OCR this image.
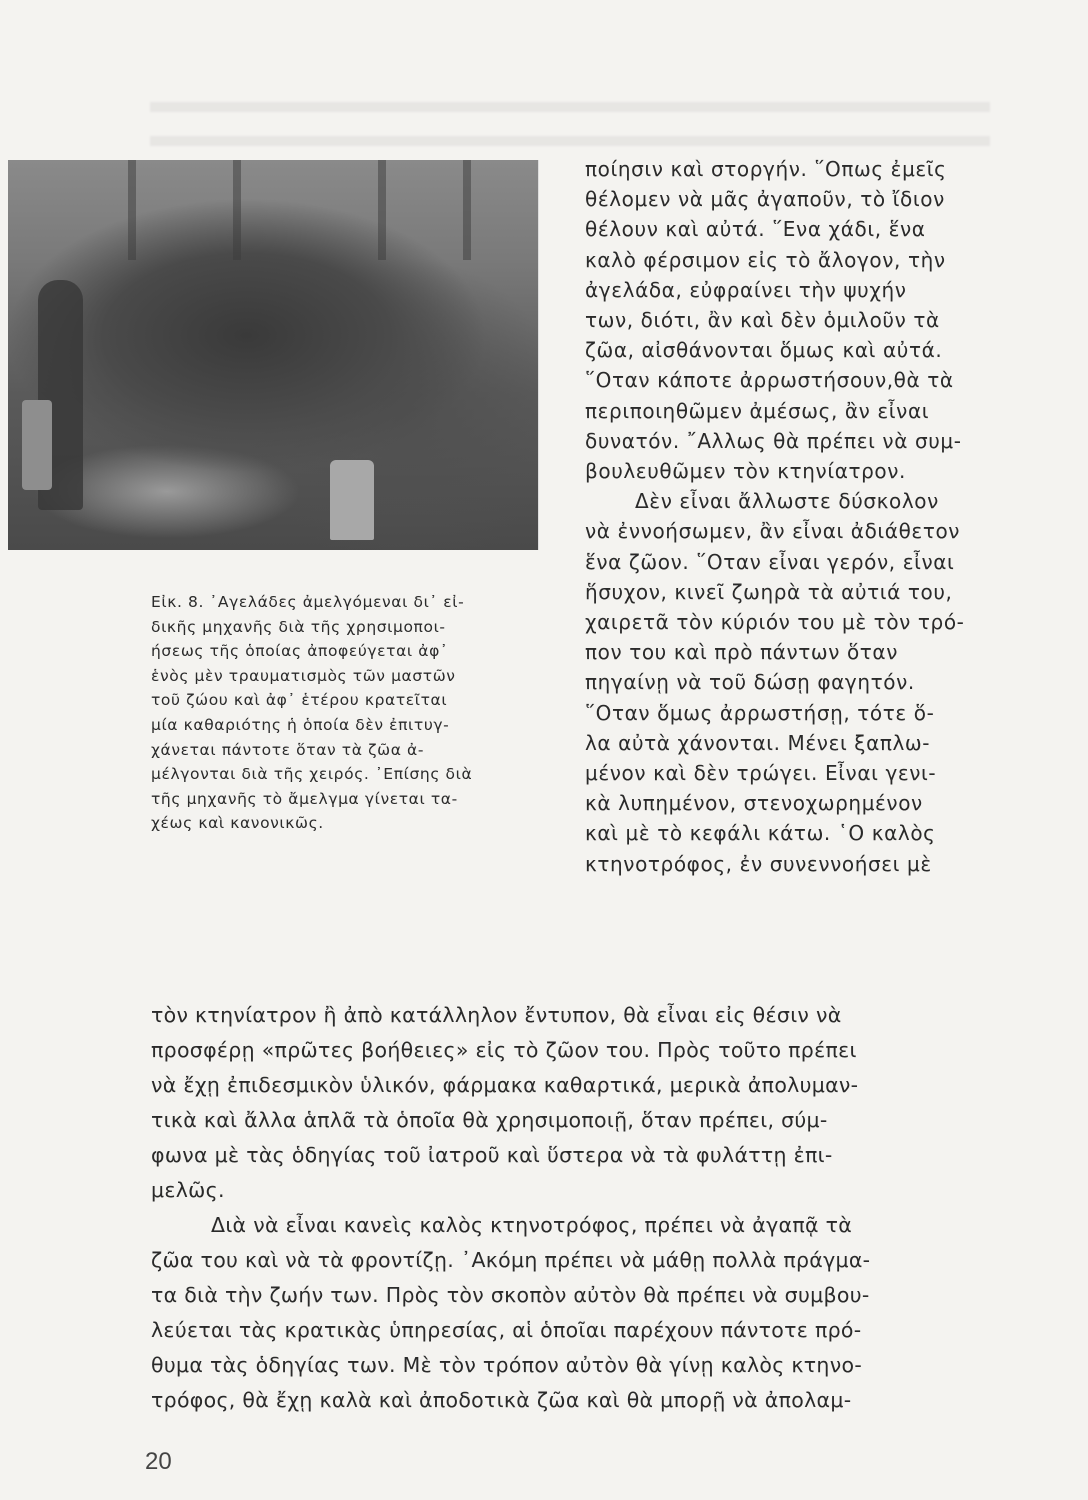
Εἰκ. 8. ᾿Αγελάδες ἀμελγόμεναι δι᾿ εἰ-

δικῆς μηχανῆς διὰ τῆς χρησιμοποι-

ήσεως τῆς ὁποίας ἀποφεύγεται ἀφ᾿

ἑνὸς μὲν τραυματισμὸς τῶν μαστῶν

τοῦ ζώου καὶ ἀφ᾿ ἑτέρου κρατεῖται

μία καθαριότης ἡ ὁποία δὲν ἐπιτυγ-

χάνεται πάντοτε ὅταν τὰ ζῶα ἀ-

μέλγονται διὰ τῆς χειρός. ᾿Επίσης διὰ

τῆς μηχανῆς τὸ ἄμελγμα γίνεται τα-

χέως καὶ κανονικῶς.

ποίησιν καὶ στοργήν. ῞Οπως ἐμεῖς

θέλομεν νὰ μᾶς ἀγαποῦν, τὸ ἴδιον

θέλουν καὶ αὐτά. ῞Ενα χάδι, ἕνα

καλὸ φέρσιμον εἰς τὸ ἄλογον, τὴν

ἀγελάδα, εὐφραίνει τὴν ψυχήν

των, διότι, ἂν καὶ δὲν ὁμιλοῦν τὰ

ζῶα, αἰσθάνονται ὅμως καὶ αὐτά.

῞Οταν κάποτε ἀρρωστήσουν,θὰ τὰ

περιποιηθῶμεν ἀμέσως, ἂν εἶναι

δυνατόν. ῎Αλλως θὰ πρέπει νὰ συμ-

βουλευθῶμεν τὸν κτηνίατρον.

Δὲν εἶναι ἄλλωστε δύσκολον

νὰ ἐννοήσωμεν, ἂν εἶναι ἀδιάθετον

ἕνα ζῶον. ῞Οταν εἶναι γερόν, εἶναι

ἥσυχον, κινεῖ ζωηρὰ τὰ αὐτιά του,

χαιρετᾶ τὸν κύριόν του μὲ τὸν τρό-

πον του καὶ πρὸ πάντων ὅταν

πηγαίνῃ νὰ τοῦ δώσῃ φαγητόν.

῞Οταν ὅμως ἀρρωστήσῃ, τότε ὅ-

λα αὐτὰ χάνονται. Μένει ξαπλω-

μένον καὶ δὲν τρώγει. Εἶναι γενι-

κὰ λυπημένον, στενοχωρημένον

καὶ μὲ τὸ κεφάλι κάτω. ῾Ο καλὸς

κτηνοτρόφος, ἐν συνεννοήσει μὲ

τὸν κτηνίατρον ἢ ἀπὸ κατάλληλον ἔντυπον, θὰ εἶναι εἰς θέσιν νὰ

προσφέρῃ «πρῶτες βοήθειες» εἰς τὸ ζῶον του. Πρὸς τοῦτο πρέπει

νὰ ἔχῃ ἐπιδεσμικὸν ὑλικόν, φάρμακα καθαρτικά, μερικὰ ἀπολυμαν-

τικὰ καὶ ἄλλα ἁπλᾶ τὰ ὁποῖα θὰ χρησιμοποιῇ, ὅταν πρέπει, σύμ-

φωνα μὲ τὰς ὁδηγίας τοῦ ἰατροῦ καὶ ὕστερα νὰ τὰ φυλάττῃ ἐπι-

μελῶς.

Διὰ νὰ εἶναι κανεὶς καλὸς κτηνοτρόφος, πρέπει νὰ ἀγαπᾷ τὰ

ζῶα του καὶ νὰ τὰ φροντίζῃ. ᾿Ακόμη πρέπει νὰ μάθῃ πολλὰ πράγμα-

τα διὰ τὴν ζωήν των. Πρὸς τὸν σκοπὸν αὐτὸν θὰ πρέπει νὰ συμβου-

λεύεται τὰς κρατικὰς ὑπηρεσίας, αἱ ὁποῖαι παρέχουν πάντοτε πρό-

θυμα τὰς ὁδηγίας των. Μὲ τὸν τρόπον αὐτὸν θὰ γίνῃ καλὸς κτηνο-

τρόφος, θὰ ἔχῃ καλὰ καὶ ἀποδοτικὰ ζῶα καὶ θὰ μπορῇ νὰ ἀπολαμ-

20
